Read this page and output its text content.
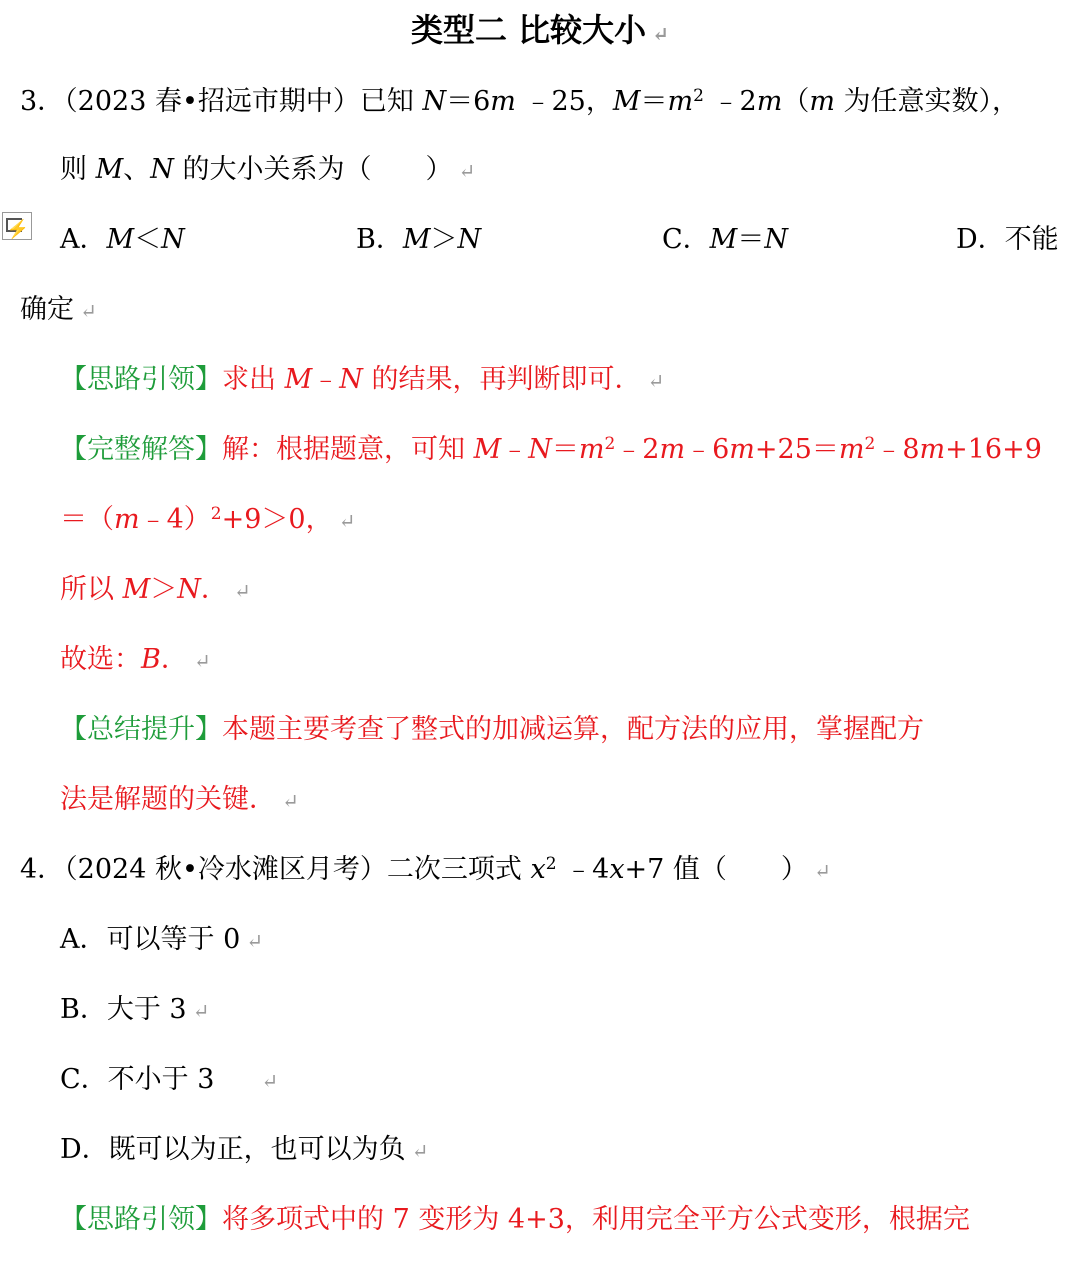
类型二 比较大小 ↵
3．（2023 春•招远市期中）已知 N＝6m ﹣25，$M=m^2$ ﹣2m（m 为任意实数），
则 M、N 的大小关系为（　　） ↵
⚡ A．M＜N	B．M＞N	C．M＝N	D．不能
确定 ↵
【思路引领】求出 M﹣N 的结果，再判断即可． ↵
【完整解答】解：根据题意，可知 $M﹣N=m^2﹣2m﹣6m+25=m^2﹣8m+16+9$
＝（m﹣4）$^2$+9＞0， ↵
所以 M＞N． ↵
故选：B． ↵
【总结提升】本题主要考查了整式的加减运算，配方法的应用，掌握配方
法是解题的关键． ↵
4．（2024 秋•冷水滩区月考）二次三项式 $x^2$ ﹣4x+7 值（　　） ↵
A．可以等于 0 ↵
B．大于 3 ↵
C．不小于 3　↵
D．既可以为正，也可以为负 ↵
【思路引领】将多项式中的 7 变形为 4+3，利用完全平方公式变形，根据完
